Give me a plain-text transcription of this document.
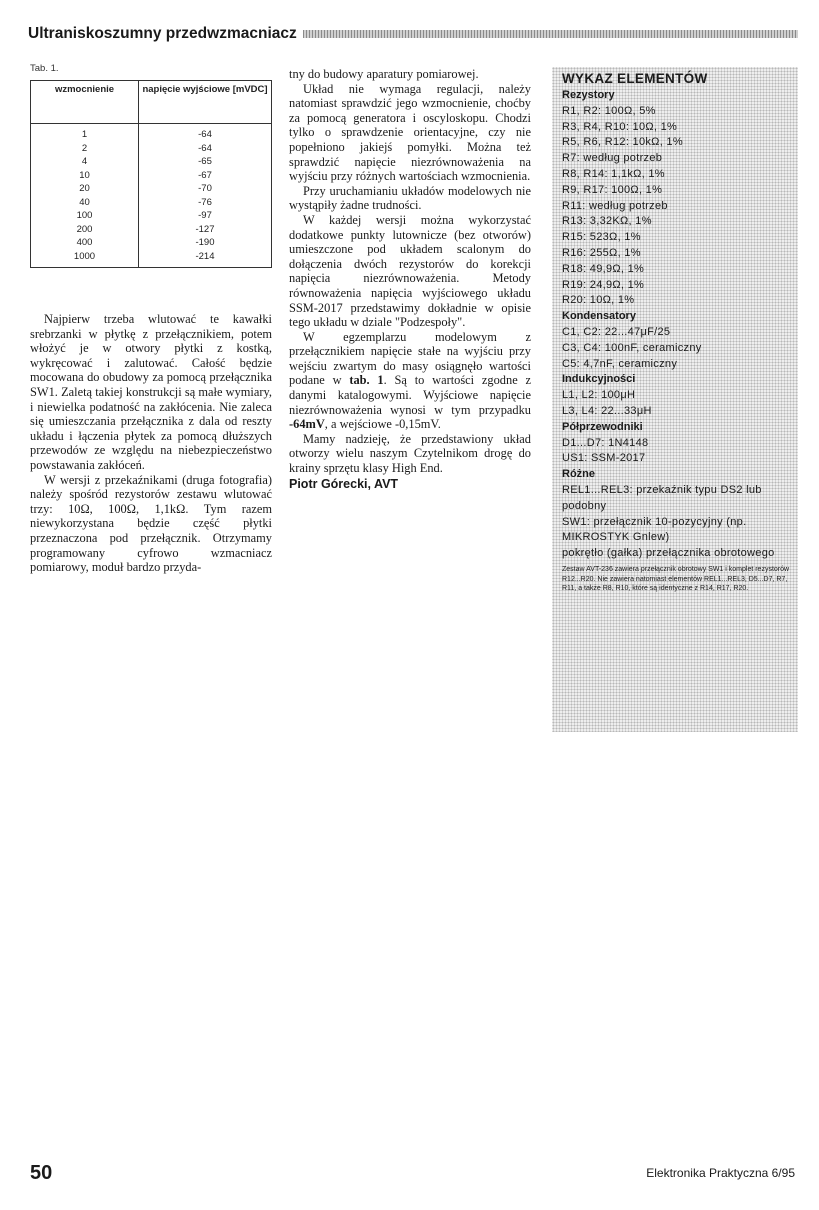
Ultraniskoszumny przedwzmacniacz
Tab. 1.
wzmocnienie	napięcie wyjściowe [mVDC]
1	-64
2	-64
4	-65
10	-67
20	-70
40	-76
100	-97
200	-127
400	-190
1000	-214

Najpierw trzeba wlutować te kawałki srebrzanki w płytkę z przełącznikiem, potem włożyć je w otwory płytki z kostką, wykręcować i zalutować. Całość będzie mocowana do obudowy za pomocą przełącznika SW1. Zaletą takiej konstrukcji są małe wymiary, i niewielka podatność na zakłócenia. Nie zaleca się umieszczania przełącznika z dala od reszty układu i łączenia płytek za pomocą dłuższych przewodów ze względu na niebezpieczeństwo powstawania zakłóceń.

W wersji z przekaźnikami (druga fotografia) należy spośród rezystorów zestawu wlutować trzy: 10Ω, 100Ω, 1,1kΩ. Tym razem niewykorzystana będzie część płytki przeznaczona pod przełącznik. Otrzymamy programowany cyfrowo wzmacniacz pomiarowy, moduł bardzo przyda-

tny do budowy aparatury pomiarowej.

Układ nie wymaga regulacji, należy natomiast sprawdzić jego wzmocnienie, choćby za pomocą generatora i oscyloskopu. Chodzi tylko o sprawdzenie orientacyjne, czy nie popełniono jakiejś pomyłki. Można też sprawdzić napięcie niezrównoważenia na wyjściu przy różnych wartościach wzmocnienia.

Przy uruchamianiu układów modelowych nie wystąpiły żadne trudności.

W każdej wersji można wykorzystać dodatkowe punkty lutownicze (bez otworów) umieszczone pod układem scalonym do dołączenia dwóch rezystorów do korekcji napięcia niezrównoważenia. Metody równoważenia napięcia wyjściowego układu SSM-2017 przedstawimy dokładnie w opisie tego układu w dziale "Podzespoły".

W egzemplarzu modelowym z przełącznikiem napięcie stałe na wyjściu przy wejściu zwartym do masy osiągnęło wartości podane w tab. 1. Są to wartości zgodne z danymi katalogowymi. Wyjściowe napięcie niezrównoważenia wynosi w tym przypadku -64mV, a wejściowe -0,15mV.

Mamy nadzieję, że przedstawiony układ otworzy wielu naszym Czytelnikom drogę do krainy sprzętu klasy High End.

Piotr Górecki, AVT
WYKAZ ELEMENTÓW
Rezystory
R1, R2: 100Ω, 5%
R3, R4, R10: 10Ω, 1%
R5, R6, R12: 10kΩ, 1%
R7: według potrzeb
R8, R14: 1,1kΩ, 1%
R9, R17: 100Ω, 1%
R11: według potrzeb
R13: 3,32KΩ, 1%
R15: 523Ω, 1%
R16: 255Ω, 1%
R18: 49,9Ω, 1%
R19: 24,9Ω, 1%
R20: 10Ω, 1%
Kondensatory
C1, C2: 22...47μF/25
C3, C4: 100nF, ceramiczny
C5: 4,7nF, ceramiczny
Indukcyjności
L1, L2: 100μH
L3, L4: 22...33μH
Półprzewodniki
D1...D7: 1N4148
US1: SSM-2017
Różne
REL1...REL3: przekaźnik typu DS2 lub podobny
SW1: przełącznik 10-pozycyjny (np. MIKROSTYK Gnlew)
pokrętło (gałka) przełącznika obrotowego
Zestaw AVT-236 zawiera przełącznik obrotowy SW1 i komplet rezystorów R12...R20. Nie zawiera natomiast elementów REL1...REL3, D5...D7, R7, R11, a także R8, R10, które są identyczne z R14, R17, R20.
50	Elektronika Praktyczna 6/95
